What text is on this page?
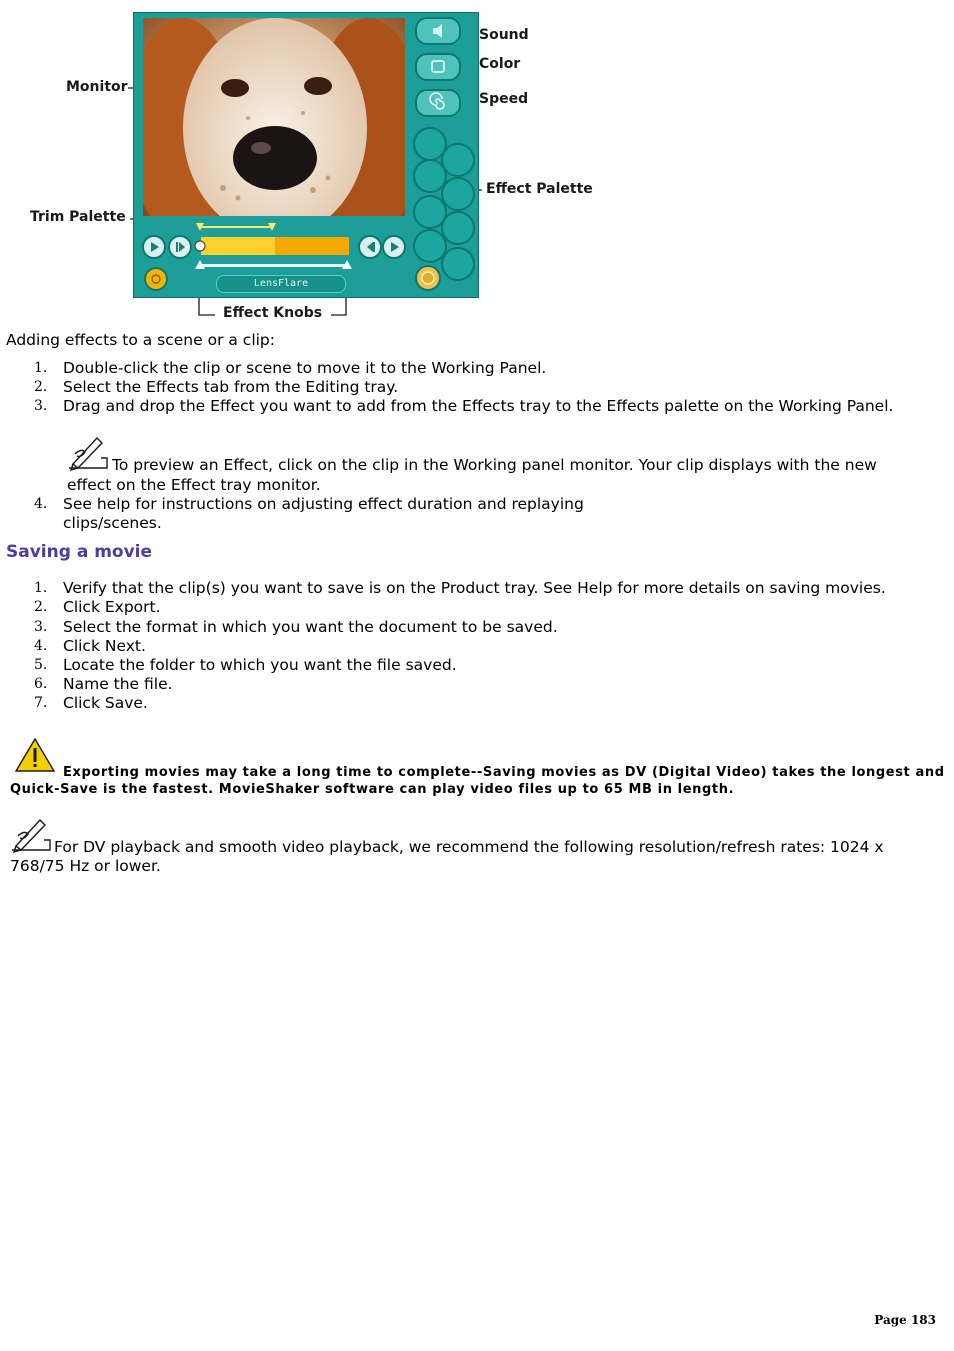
Monitor
Trim Palette
Sound
Color
Speed
Effect Palette
Effect Knobs
LensFlare
Adding effects to a scene or a clip:
1. Double-click the clip or scene to move it to the Working Panel.
2. Select the Effects tab from the Editing tray.
3. Drag and drop the Effect you want to add from the Effects tray to the Effects palette on the Working Panel.
To preview an Effect, click on the clip in the Working panel monitor. Your clip displays with the new
effect on the Effect tray monitor.
4. See help for instructions on adjusting effect duration and replaying
clips/scenes.
Saving a movie
1. Verify that the clip(s) you want to save is on the Product tray. See Help for more details on saving movies.
2. Click Export.
3. Select the format in which you want the document to be saved.
4. Click Next.
5. Locate the folder to which you want the file saved.
6. Name the file.
7. Click Save.
Exporting movies may take a long time to complete--Saving movies as DV (Digital Video) takes the longest and
Quick-Save is the fastest. MovieShaker software can play video files up to 65 MB in length.
For DV playback and smooth video playback, we recommend the following resolution/refresh rates: 1024 x
768/75 Hz or lower.
Page 183
